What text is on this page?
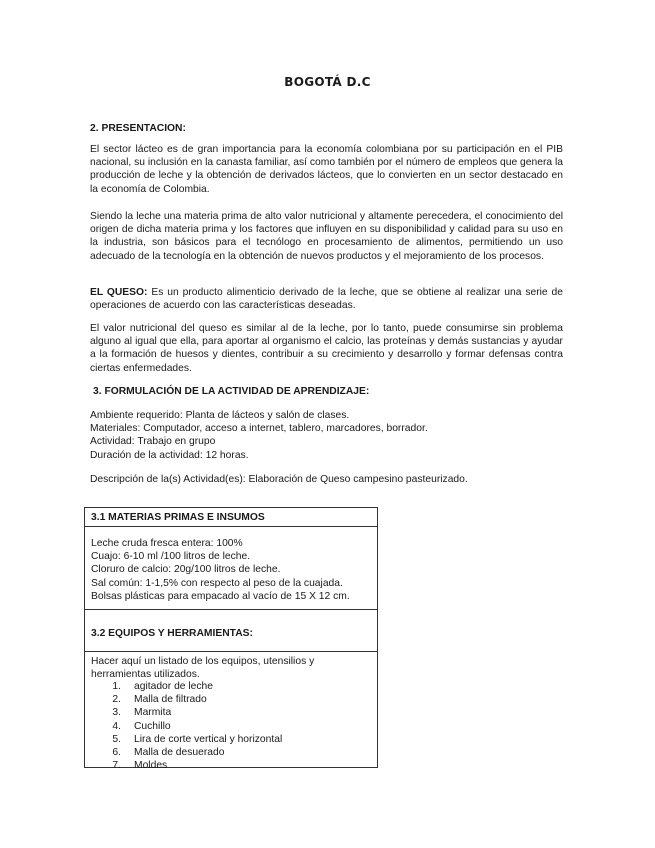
BOGOTÁ D.C
2. PRESENTACION:

El sector lácteo es de gran importancia para la economía colombiana por su participación en el PIB nacional, su inclusión en la canasta familiar, así como también por el número de empleos que genera la producción de leche y la obtención de derivados lácteos, que lo convierten en un sector destacado en la economía de Colombia.

Siendo la leche una materia prima de alto valor nutricional y altamente perecedera, el conocimiento del origen de dicha materia prima y los factores que influyen en su disponibilidad y calidad para su uso en la industria, son básicos para el tecnólogo en procesamiento de alimentos, permitiendo un uso adecuado de la tecnología en la obtención de nuevos productos y el mejoramiento de los procesos.

EL QUESO: Es un producto alimenticio derivado de la leche, que se obtiene al realizar una serie de operaciones de acuerdo con las características deseadas.

El valor nutricional del queso es similar al de la leche, por lo tanto, puede consumirse sin problema alguno al igual que ella, para aportar al organismo el calcio, las proteínas y demás sustancias y ayudar a la formación de huesos y dientes, contribuir a su crecimiento y desarrollo y formar defensas contra ciertas enfermedades.

3. FORMULACIÓN DE LA ACTIVIDAD DE APRENDIZAJE:
Ambiente requerido: Planta de lácteos y salón de clases.
Materiales: Computador, acceso a internet, tablero, marcadores, borrador.
Actividad: Trabajo en grupo
Duración de la actividad: 12 horas.
Descripción de la(s) Actividad(es): Elaboración de Queso campesino pasteurizado.
3.1 MATERIAS PRIMAS E INSUMOS
Leche cruda fresca entera: 100%
Cuajo: 6-10 ml /100 litros de leche.
Cloruro de calcio: 20g/100 litros de leche.
Sal común: 1-1,5% con respecto al peso de la cuajada.
Bolsas plásticas para empacado al vacío de 15 X 12 cm.
3.2 EQUIPOS Y HERRAMIENTAS:
Hacer aquí un listado de los equipos, utensilios y herramientas utilizados.
1.	agitador de leche
2.	Malla de filtrado
3.	Marmita
4.	Cuchillo
5.	Lira de corte vertical y horizontal
6.	Malla de desuerado
7.	Moldes
